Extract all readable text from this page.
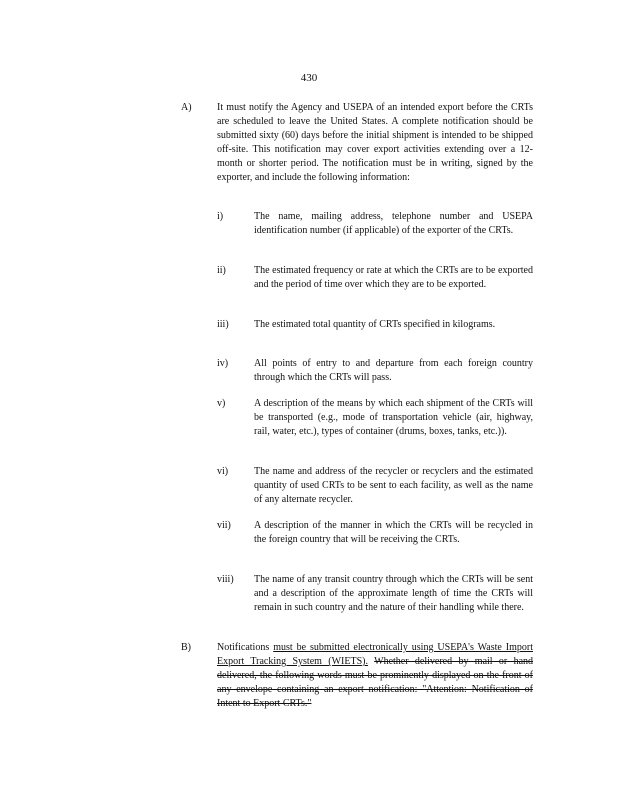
430
A)	It must notify the Agency and USEPA of an intended export before the CRTs are scheduled to leave the United States. A complete notification should be submitted sixty (60) days before the initial shipment is intended to be shipped off-site. This notification may cover export activities extending over a 12-month or shorter period. The notification must be in writing, signed by the exporter, and include the following information:
i)	The name, mailing address, telephone number and USEPA identification number (if applicable) of the exporter of the CRTs.
ii)	The estimated frequency or rate at which the CRTs are to be exported and the period of time over which they are to be exported.
iii)	The estimated total quantity of CRTs specified in kilograms.
iv)	All points of entry to and departure from each foreign country through which the CRTs will pass.
v)	A description of the means by which each shipment of the CRTs will be transported (e.g., mode of transportation vehicle (air, highway, rail, water, etc.), types of container (drums, boxes, tanks, etc.)).
vi)	The name and address of the recycler or recyclers and the estimated quantity of used CRTs to be sent to each facility, as well as the name of any alternate recycler.
vii) A description of the manner in which the CRTs will be recycled in the foreign country that will be receiving the CRTs.
viii) The name of any transit country through which the CRTs will be sent and a description of the approximate length of time the CRTs will remain in such country and the nature of their handling while there.
B)	Notifications must be submitted electronically using USEPA's Waste Import Export Tracking System (WIETS). Whether delivered by mail or hand delivered, the following words must be prominently displayed on the front of any envelope containing an export notification: "Attention: Notification of Intent to Export CRTs."
